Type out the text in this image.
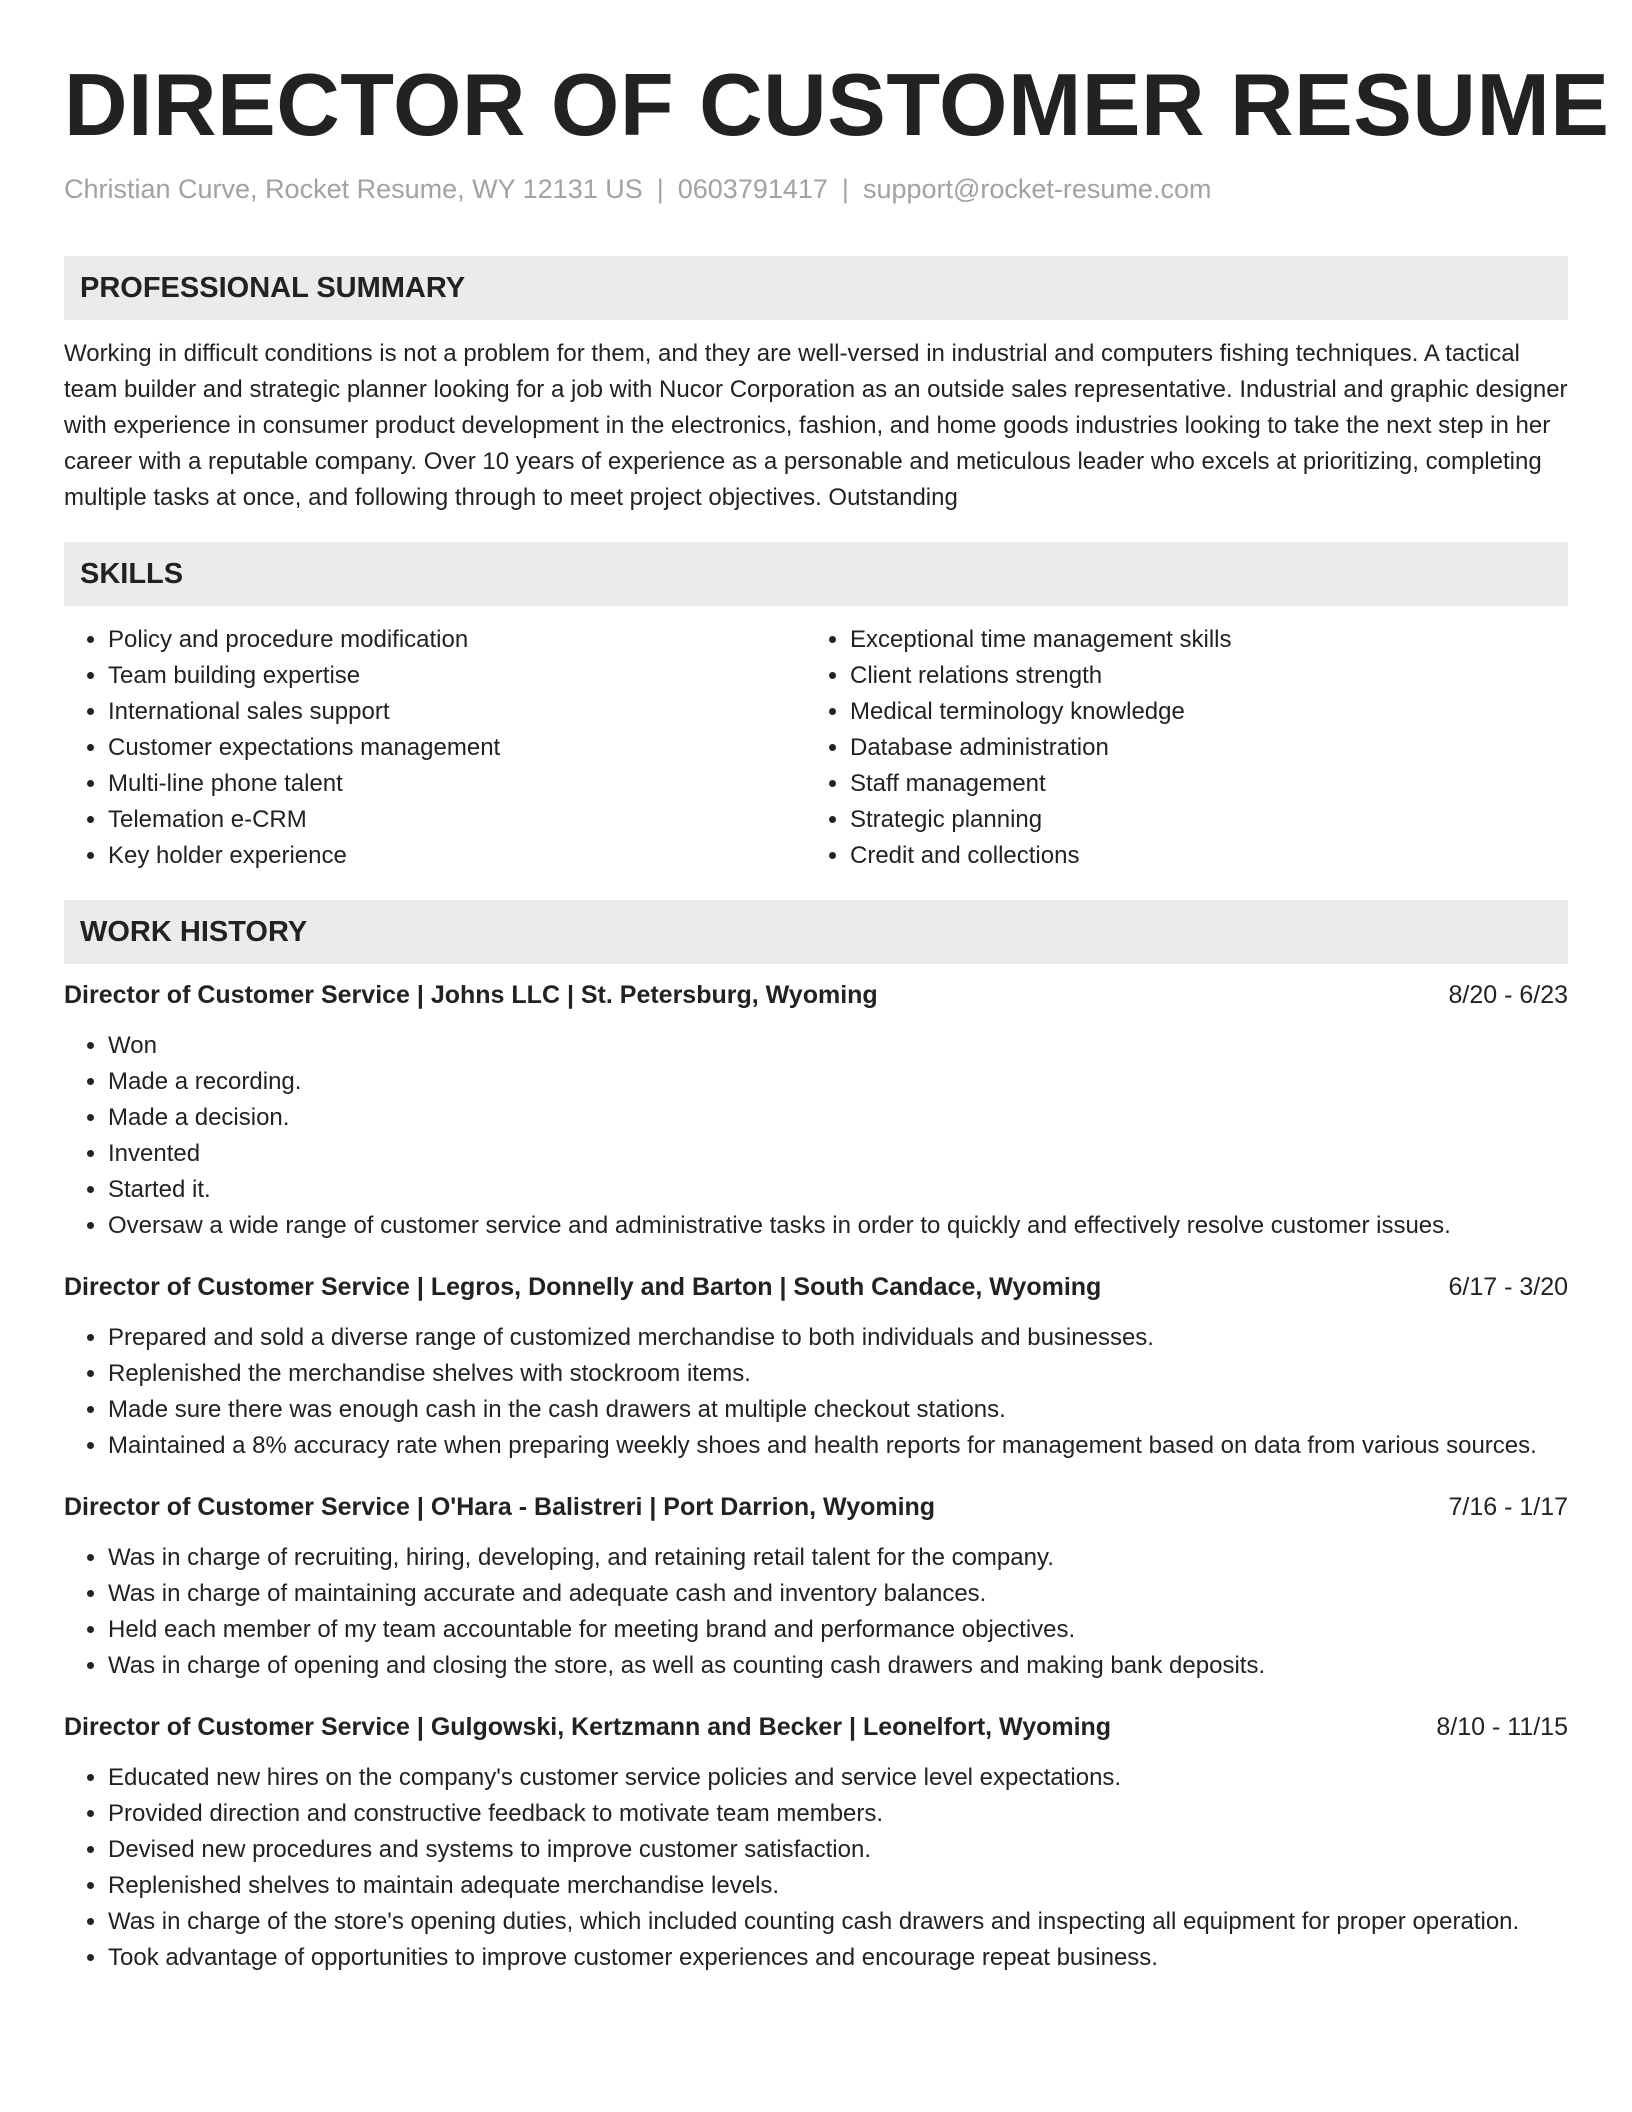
DIRECTOR OF CUSTOMER RESUME
Christian Curve, Rocket Resume, WY 12131 US | 0603791417 | support@rocket-resume.com
PROFESSIONAL SUMMARY

Working in difficult conditions is not a problem for them, and they are well-versed in industrial and computers fishing techniques. A tactical team builder and strategic planner looking for a job with Nucor Corporation as an outside sales representative. Industrial and graphic designer with experience in consumer product development in the electronics, fashion, and home goods industries looking to take the next step in her career with a reputable company. Over 10 years of experience as a personable and meticulous leader who excels at prioritizing, completing multiple tasks at once, and following through to meet project objectives. Outstanding

SKILLS
• Policy and procedure modification
• Team building expertise
• International sales support
• Customer expectations management
• Multi-line phone talent
• Telemation e-CRM
• Key holder experience
• Exceptional time management skills
• Client relations strength
• Medical terminology knowledge
• Database administration
• Staff management
• Strategic planning
• Credit and collections
WORK HISTORY
Director of Customer Service | Johns LLC | St. Petersburg, Wyoming	8/20 - 6/23
• Won
• Made a recording.
• Made a decision.
• Invented
• Started it.
• Oversaw a wide range of customer service and administrative tasks in order to quickly and effectively resolve customer issues.
Director of Customer Service | Legros, Donnelly and Barton | South Candace, Wyoming	6/17 - 3/20
• Prepared and sold a diverse range of customized merchandise to both individuals and businesses.
• Replenished the merchandise shelves with stockroom items.
• Made sure there was enough cash in the cash drawers at multiple checkout stations.
• Maintained a 8% accuracy rate when preparing weekly shoes and health reports for management based on data from various sources.
Director of Customer Service | O'Hara - Balistreri | Port Darrion, Wyoming	7/16 - 1/17
• Was in charge of recruiting, hiring, developing, and retaining retail talent for the company.
• Was in charge of maintaining accurate and adequate cash and inventory balances.
• Held each member of my team accountable for meeting brand and performance objectives.
• Was in charge of opening and closing the store, as well as counting cash drawers and making bank deposits.
Director of Customer Service | Gulgowski, Kertzmann and Becker | Leonelfort, Wyoming	8/10 - 11/15
• Educated new hires on the company's customer service policies and service level expectations.
• Provided direction and constructive feedback to motivate team members.
• Devised new procedures and systems to improve customer satisfaction.
• Replenished shelves to maintain adequate merchandise levels.
• Was in charge of the store's opening duties, which included counting cash drawers and inspecting all equipment for proper operation.
• Took advantage of opportunities to improve customer experiences and encourage repeat business.
